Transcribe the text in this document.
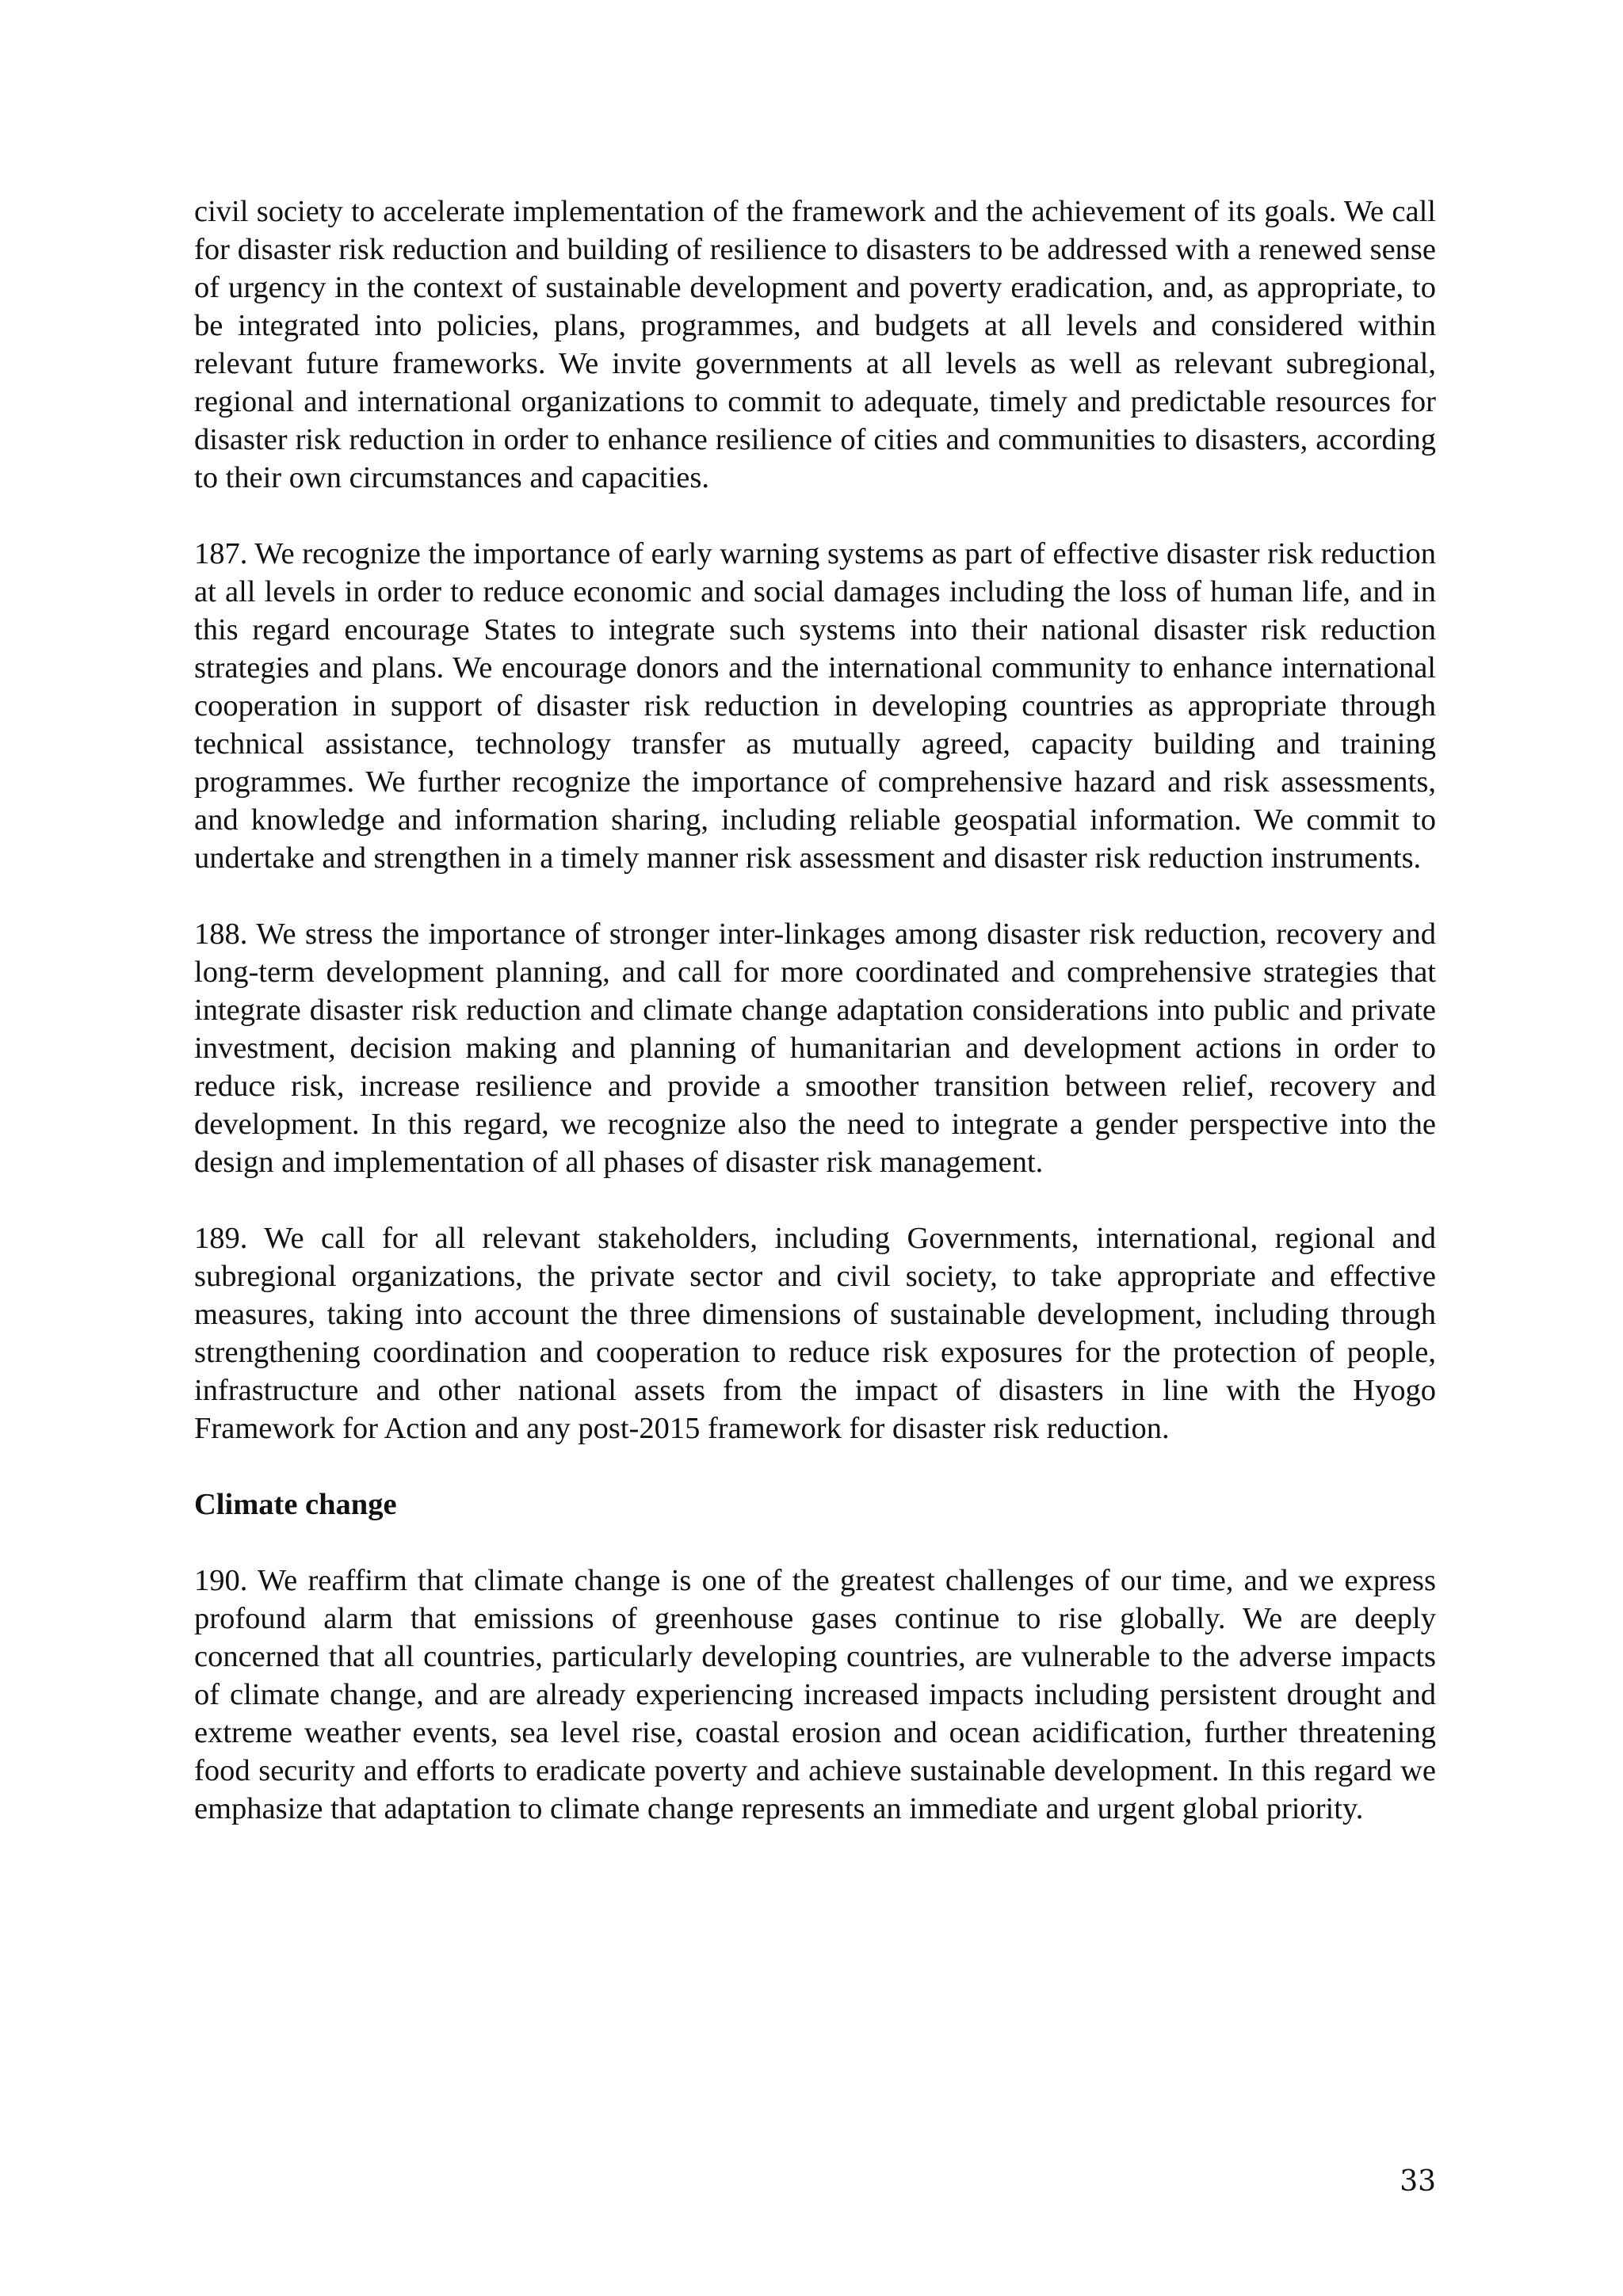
civil society to accelerate implementation of the framework and the achievement of its goals. We call for disaster risk reduction and building of resilience to disasters to be addressed with a renewed sense of urgency in the context of sustainable development and poverty eradication, and, as appropriate, to be integrated into policies, plans, programmes, and budgets at all levels and considered within relevant future frameworks. We invite governments at all levels as well as relevant subregional, regional and international organizations to commit to adequate, timely and predictable resources for disaster risk reduction in order to enhance resilience of cities and communities to disasters, according to their own circumstances and capacities.

187. We recognize the importance of early warning systems as part of effective disaster risk reduction at all levels in order to reduce economic and social damages including the loss of human life, and in this regard encourage States to integrate such systems into their national disaster risk reduction strategies and plans. We encourage donors and the international community to enhance international cooperation in support of disaster risk reduction in developing countries as appropriate through technical assistance, technology transfer as mutually agreed, capacity building and training programmes. We further recognize the importance of comprehensive hazard and risk assessments, and knowledge and information sharing, including reliable geospatial information. We commit to undertake and strengthen in a timely manner risk assessment and disaster risk reduction instruments.

188. We stress the importance of stronger inter-linkages among disaster risk reduction, recovery and long-term development planning, and call for more coordinated and comprehensive strategies that integrate disaster risk reduction and climate change adaptation considerations into public and private investment, decision making and planning of humanitarian and development actions in order to reduce risk, increase resilience and provide a smoother transition between relief, recovery and development. In this regard, we recognize also the need to integrate a gender perspective into the design and implementation of all phases of disaster risk management.

189. We call for all relevant stakeholders, including Governments, international, regional and subregional organizations, the private sector and civil society, to take appropriate and effective measures, taking into account the three dimensions of sustainable development, including through strengthening coordination and cooperation to reduce risk exposures for the protection of people, infrastructure and other national assets from the impact of disasters in line with the Hyogo Framework for Action and any post-2015 framework for disaster risk reduction.

Climate change

190. We reaffirm that climate change is one of the greatest challenges of our time, and we express profound alarm that emissions of greenhouse gases continue to rise globally. We are deeply concerned that all countries, particularly developing countries, are vulnerable to the adverse impacts of climate change, and are already experiencing increased impacts including persistent drought and extreme weather events, sea level rise, coastal erosion and ocean acidification, further threatening food security and efforts to eradicate poverty and achieve sustainable development. In this regard we emphasize that adaptation to climate change represents an immediate and urgent global priority.

33
